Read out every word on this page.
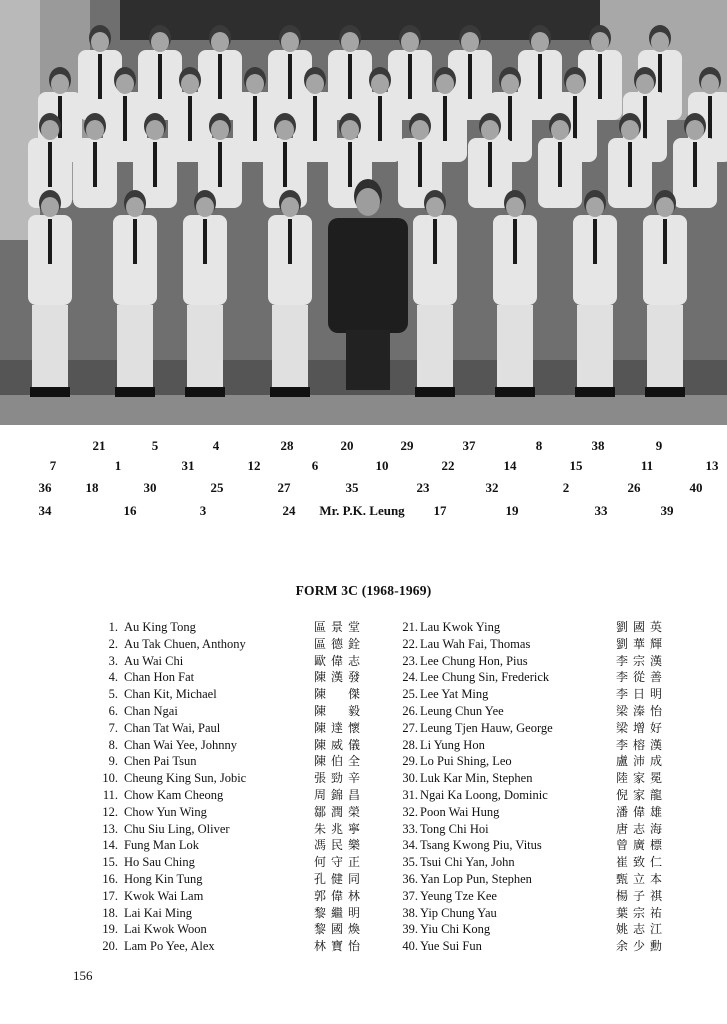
21	5	4	28	20	29	37	8	38	9
7	1	31	12	6	10	22	14	15	11	13
36	18	30	25	27	35	23	32	2	26	40
34	16	3	24 Mr. P.K. Leung 17	19	33	39
FORM 3C (1968-1969)
1. Au King Tong	區景堂
2. Au Tak Chuen, Anthony	區德銓
3. Au Wai Chi	歐偉志
4. Chan Hon Fat	陳漢發
5. Chan Kit, Michael	陳　傑
6. Chan Ngai	陳　毅
7. Chan Tat Wai, Paul	陳達懷
8. Chan Wai Yee, Johnny	陳威儀
9. Chen Pai Tsun	陳伯全
10. Cheung King Sun, Jobic	張勁辛
11. Chow Kam Cheong	周錦昌
12. Chow Yun Wing	鄒潤榮
13. Chu Siu Ling, Oliver	朱兆寧
14. Fung Man Lok	馮民樂
15. Ho Sau Ching	何守正
16. Hong Kin Tung	孔健同
17. Kwok Wai Lam	郭偉林
18. Lai Kai Ming	黎繼明
19. Lai Kwok Woon	黎國煥
20. Lam Po Yee, Alex	林寶怡
21. Lau Kwok Ying	劉國英
22. Lau Wah Fai, Thomas	劉華輝
23. Lee Chung Hon, Pius	李宗漢
24. Lee Chung Sin, Frederick	李從善
25. Lee Yat Ming	李日明
26. Leung Chun Yee	梁溱怡
27. Leung Tjen Hauw, George	梁增好
28. Li Yung Hon	李榕漢
29. Lo Pui Shing, Leo	盧沛成
30. Luk Kar Min, Stephen	陸家冕
31. Ngai Ka Loong, Dominic	倪家龍
32. Poon Wai Hung	潘偉雄
33. Tong Chi Hoi	唐志海
34. Tsang Kwong Piu, Vitus	曾廣標
35. Tsui Chi Yan, John	崔致仁
36. Yan Lop Pun, Stephen	甄立本
37. Yeung Tze Kee	楊子祺
38. Yip Chung Yau	葉宗祐
39. Yiu Chi Kong	姚志江
40. Yue Sui Fun	余少勳
156
